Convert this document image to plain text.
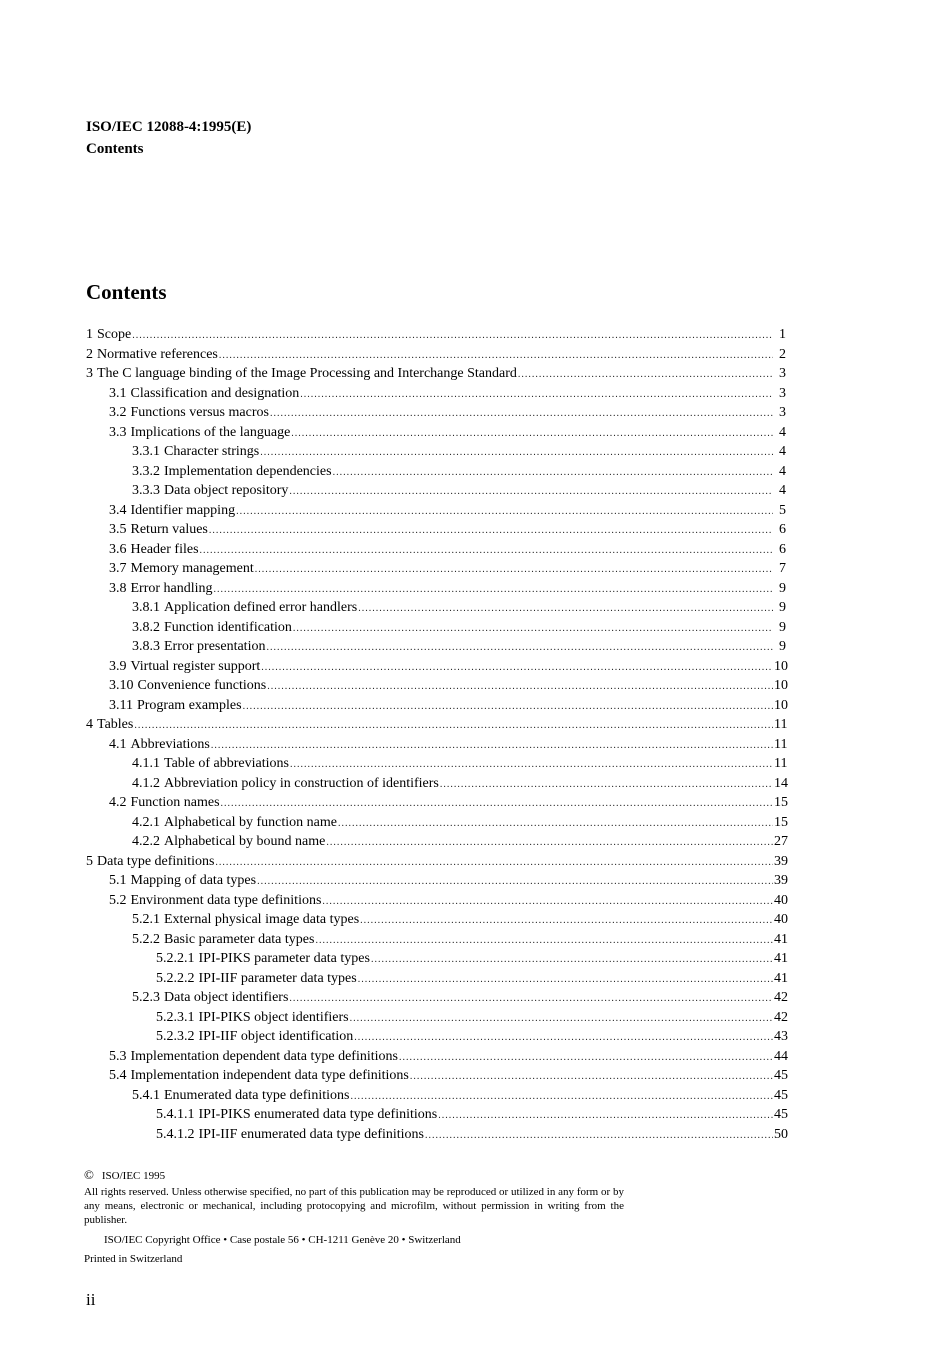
ISO/IEC 12088-4:1995(E)
Contents
Contents
1 Scope .....	1
2 Normative references .....	2
3 The C language binding of the Image Processing and Interchange Standard .....	3
3.1 Classification and designation .....	3
3.2 Functions versus macros .....	3
3.3 Implications of the language .....	4
3.3.1 Character strings .....	4
3.3.2 Implementation dependencies .....	4
3.3.3 Data object repository .....	4
3.4 Identifier mapping .....	5
3.5 Return values .....	6
3.6 Header files .....	6
3.7 Memory management .....	7
3.8 Error handling .....	9
3.8.1 Application defined error handlers .....	9
3.8.2 Function identification .....	9
3.8.3 Error presentation .....	9
3.9 Virtual register support .....	10
3.10 Convenience functions .....	10
3.11 Program examples .....	10
4 Tables .....	11
4.1 Abbreviations .....	11
4.1.1 Table of abbreviations .....	11
4.1.2 Abbreviation policy in construction of identifiers .....	14
4.2 Function names .....	15
4.2.1 Alphabetical by function name .....	15
4.2.2 Alphabetical by bound name .....	27
5 Data type definitions .....	39
5.1 Mapping of data types .....	39
5.2 Environment data type definitions .....	40
5.2.1 External physical image data types .....	40
5.2.2 Basic parameter data types .....	41
5.2.2.1 IPI-PIKS parameter data types .....	41
5.2.2.2 IPI-IIF parameter data types .....	41
5.2.3 Data object identifiers .....	42
5.2.3.1 IPI-PIKS object identifiers .....	42
5.2.3.2 IPI-IIF object identification .....	43
5.3 Implementation dependent data type definitions .....	44
5.4 Implementation independent data type definitions .....	45
5.4.1 Enumerated data type definitions .....	45
5.4.1.1 IPI-PIKS enumerated data type definitions .....	45
5.4.1.2 IPI-IIF enumerated data type definitions .....	50
© ISO/IEC 1995
All rights reserved. Unless otherwise specified, no part of this publication may be reproduced or utilized in any form or by any means, electronic or mechanical, including protocopying and microfilm, without permission in writing from the publisher.
ISO/IEC Copyright Office • Case postale 56 • CH-1211 Genève 20 • Switzerland
Printed in Switzerland
ii
